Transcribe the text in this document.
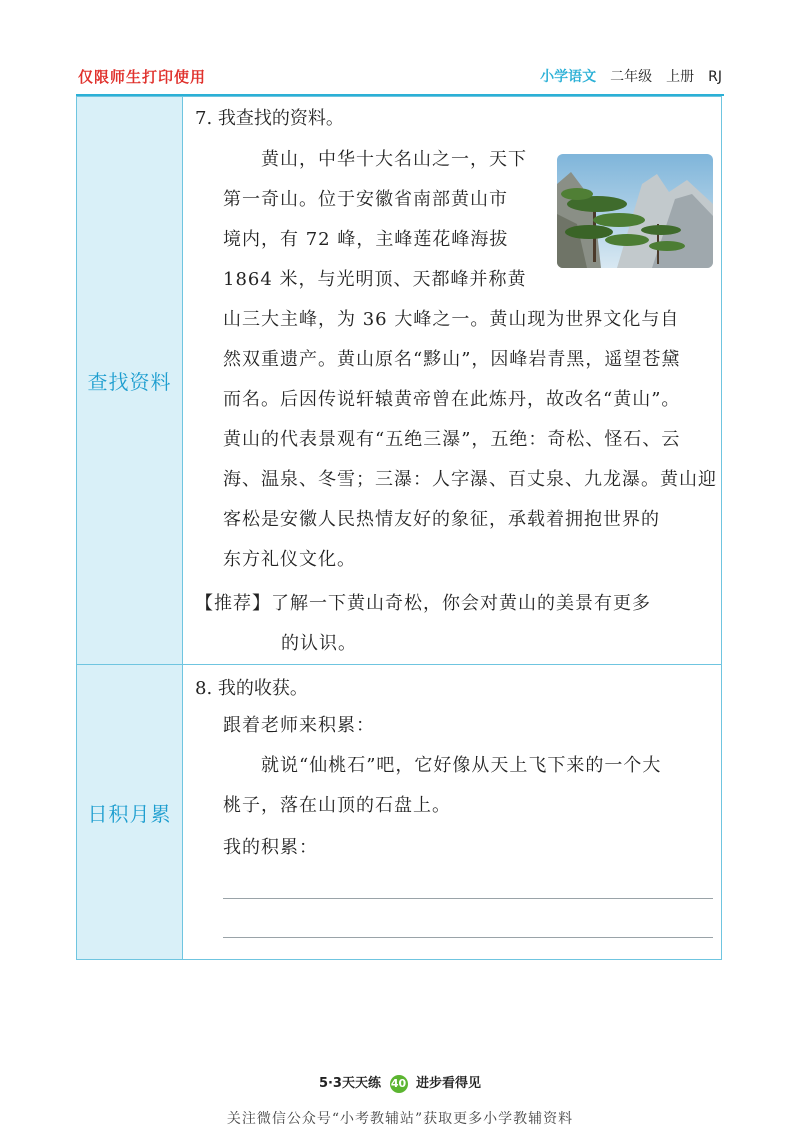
仅限师生打印使用	小学语文 二年级 上册 RJ
查找资料
7. 我查找的资料。
　　黄山，中华十大名山之一，天下
第一奇山。位于安徽省南部黄山市
境内，有 72 峰，主峰莲花峰海拔
1864 米，与光明顶、天都峰并称黄
山三大主峰，为 36 大峰之一。黄山现为世界文化与自
然双重遗产。黄山原名“黟山”，因峰岩青黑，遥望苍黛
而名。后因传说轩辕黄帝曾在此炼丹，故改名“黄山”。
黄山的代表景观有“五绝三瀑”，五绝：奇松、怪石、云
海、温泉、冬雪；三瀑：人字瀑、百丈泉、九龙瀑。黄山迎
客松是安徽人民热情友好的象征，承载着拥抱世界的
东方礼仪文化。
【推荐】了解一下黄山奇松，你会对黄山的美景有更多
的认识。
日积月累
8. 我的收获。
跟着老师来积累：
　　就说“仙桃石”吧，它好像从天上飞下来的一个大
桃子，落在山顶的石盘上。
我的积累：
5·3天天练 40 进步看得见
关注微信公众号“小考教辅站”获取更多小学教辅资料
